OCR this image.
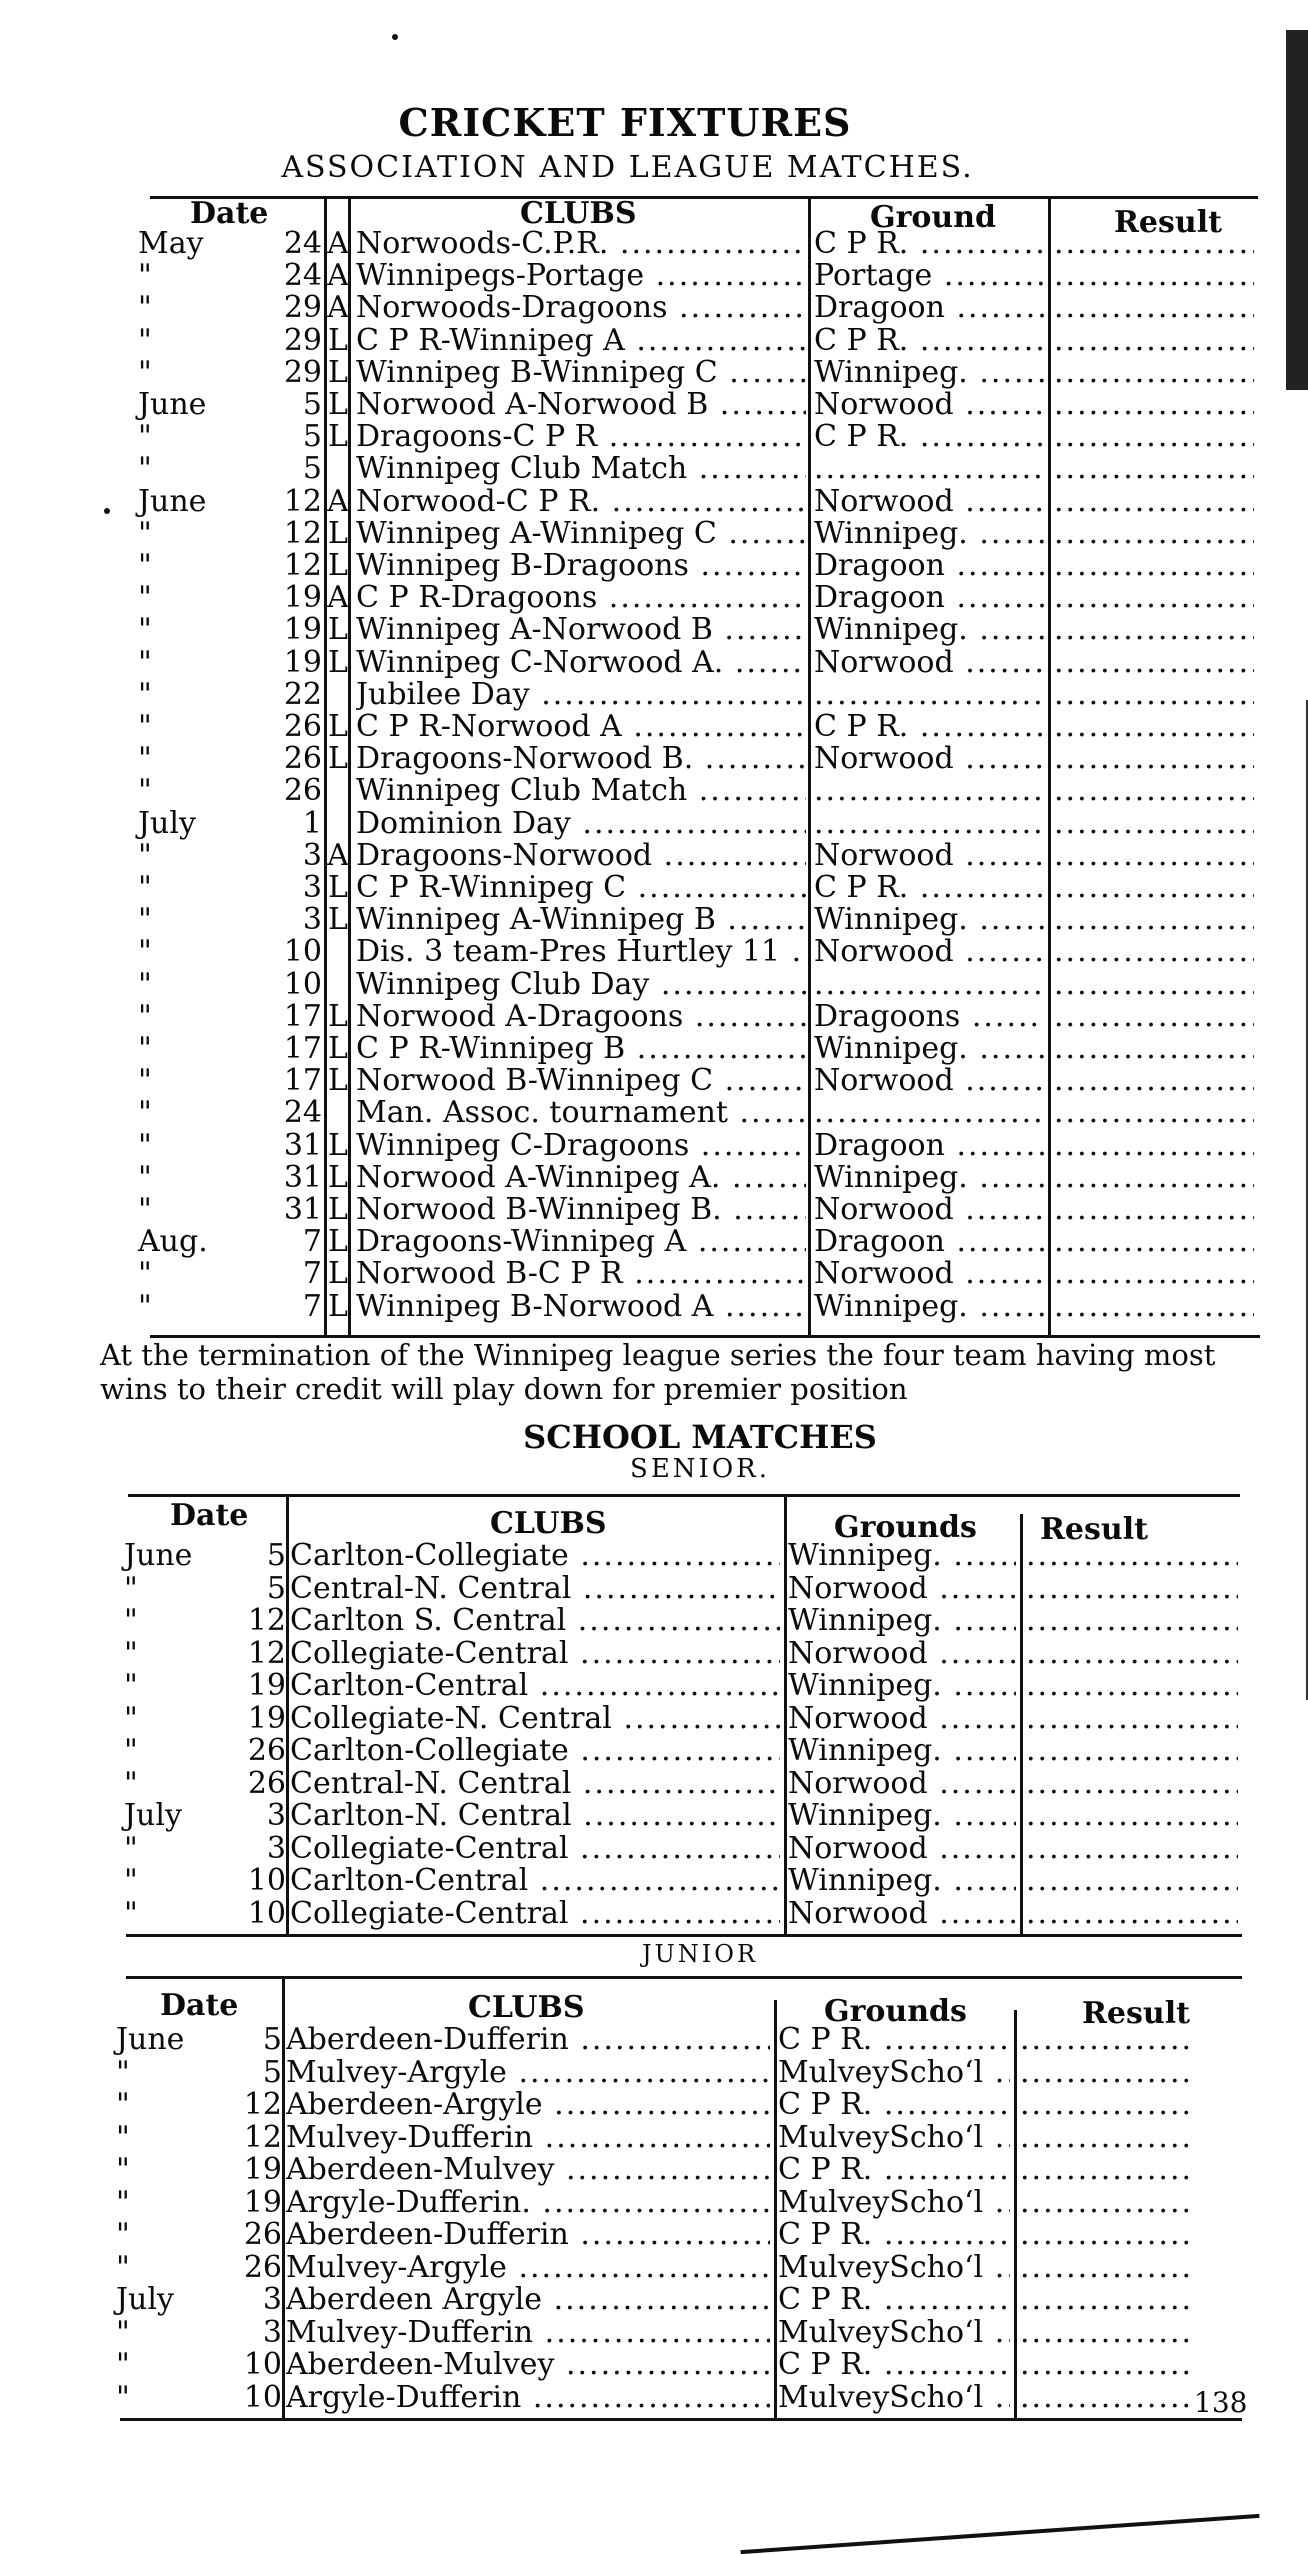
CRICKET FIXTURES
ASSOCIATION AND LEAGUE MATCHES.
Date	CLUBS	Ground	Result
May	24 A Norwoods-C.P.R. .....	C P R. .....
.....
"	24 A Winnipegs-Portage .....	Portage .....
.....
"	29 A Norwoods-Dragoons .....	Dragoon .....
.....
"	29 L C P R-Winnipeg A .....	C P R. .....
.....
"	29 L Winnipeg B-Winnipeg C .....	Winnipeg. .....
.....
June	5 L Norwood A-Norwood B .....	Norwood .....
.....
"	5 L Dragoons-C P R .....	C P R. .....
.....
"	5 Winnipeg Club Match .....
.....
.....
June	12 A Norwood-C P R. .....	Norwood .....
.....
"	12 L Winnipeg A-Winnipeg C .....	Winnipeg. .....
.....
"	12 L Winnipeg B-Dragoons .....	Dragoon .....
.....
"	19 A C P R-Dragoons .....	Dragoon .....
.....
"	19 L Winnipeg A-Norwood B .....	Winnipeg. .....
.....
"	19 L Winnipeg C-Norwood A. .....	Norwood .....
.....
"	22 Jubilee Day .....
.....
.....
"	26 L C P R-Norwood A .....	C P R. .....
.....
"	26 L Dragoons-Norwood B. .....	Norwood .....
.....
"	26 Winnipeg Club Match .....
.....
.....
July	1 Dominion Day .....
.....
.....
"	3 A Dragoons-Norwood .....	Norwood .....
.....
"	3 L C P R-Winnipeg C .....	C P R. .....
.....
"	3 L Winnipeg A-Winnipeg B .....	Winnipeg. .....
.....
"	10 Dis. 3 team-Pres Hurtley 11 .....	Norwood .....
.....
"	10 Winnipeg Club Day .....
.....
.....
"	17 L Norwood A-Dragoons .....	Dragoons .....
.....
"	17 L C P R-Winnipeg B .....	Winnipeg. .....
.....
"	17 L Norwood B-Winnipeg C .....	Norwood .....
.....
"	24 Man. Assoc. tournament .....
.....
.....
"	31 L Winnipeg C-Dragoons .....	Dragoon .....
.....
"	31 L Norwood A-Winnipeg A. .....	Winnipeg. .....
.....
"	31 L Norwood B-Winnipeg B. .....	Norwood .....
.....
Aug.	7 L Dragoons-Winnipeg A .....	Dragoon .....
.....
"	7 L Norwood B-C P R .....	Norwood .....
.....
"	7 L Winnipeg B-Norwood A .....	Winnipeg. .....
.....
At the termination of the Winnipeg league series the four team having most wins to their credit will play down for premier position
SCHOOL MATCHES
SENIOR.
Date	CLUBS	Grounds Result
June	5 Carlton-Collegiate .....	Winnipeg. .....
.....
"	5 Central-N. Central .....	Norwood .....
.....
"	12 Carlton S. Central .....	Winnipeg. .....
.....
"	12 Collegiate-Central .....	Norwood .....
.....
"	19 Carlton-Central .....	Winnipeg. .....
.....
"	19 Collegiate-N. Central .....	Norwood .....
.....
"	26 Carlton-Collegiate .....	Winnipeg. .....
.....
"	26 Central-N. Central .....	Norwood .....
.....
July	3 Carlton-N. Central .....	Winnipeg. .....
.....
"	3 Collegiate-Central .....	Norwood .....
.....
"	10 Carlton-Central .....	Winnipeg. .....
.....
"	10 Collegiate-Central .....	Norwood .....
.....
JUNIOR
Date	CLUBS	Grounds	Result
June	5 Aberdeen-Dufferin .....	C P R. .....
.....
"	5 Mulvey-Argyle .....	MulveySchoʻl .....
.....
"	12 Aberdeen-Argyle .....	C P R. .....
.....
"	12 Mulvey-Dufferin .....	MulveySchoʻl .....
.....
"	19 Aberdeen-Mulvey .....	C P R. .....
.....
"	19 Argyle-Dufferin. .....	MulveySchoʻl .....
.....
"	26 Aberdeen-Dufferin .....	C P R. .....
.....
"	26 Mulvey-Argyle .....	MulveySchoʻl .....
.....
July	3 Aberdeen Argyle .....	C P R. .....
.....
"	3 Mulvey-Dufferin .....	MulveySchoʻl .....
.....
"	10 Aberdeen-Mulvey .....	C P R. .....
.....
"	10 Argyle-Dufferin .....	MulveySchoʻl .....
.....	138
